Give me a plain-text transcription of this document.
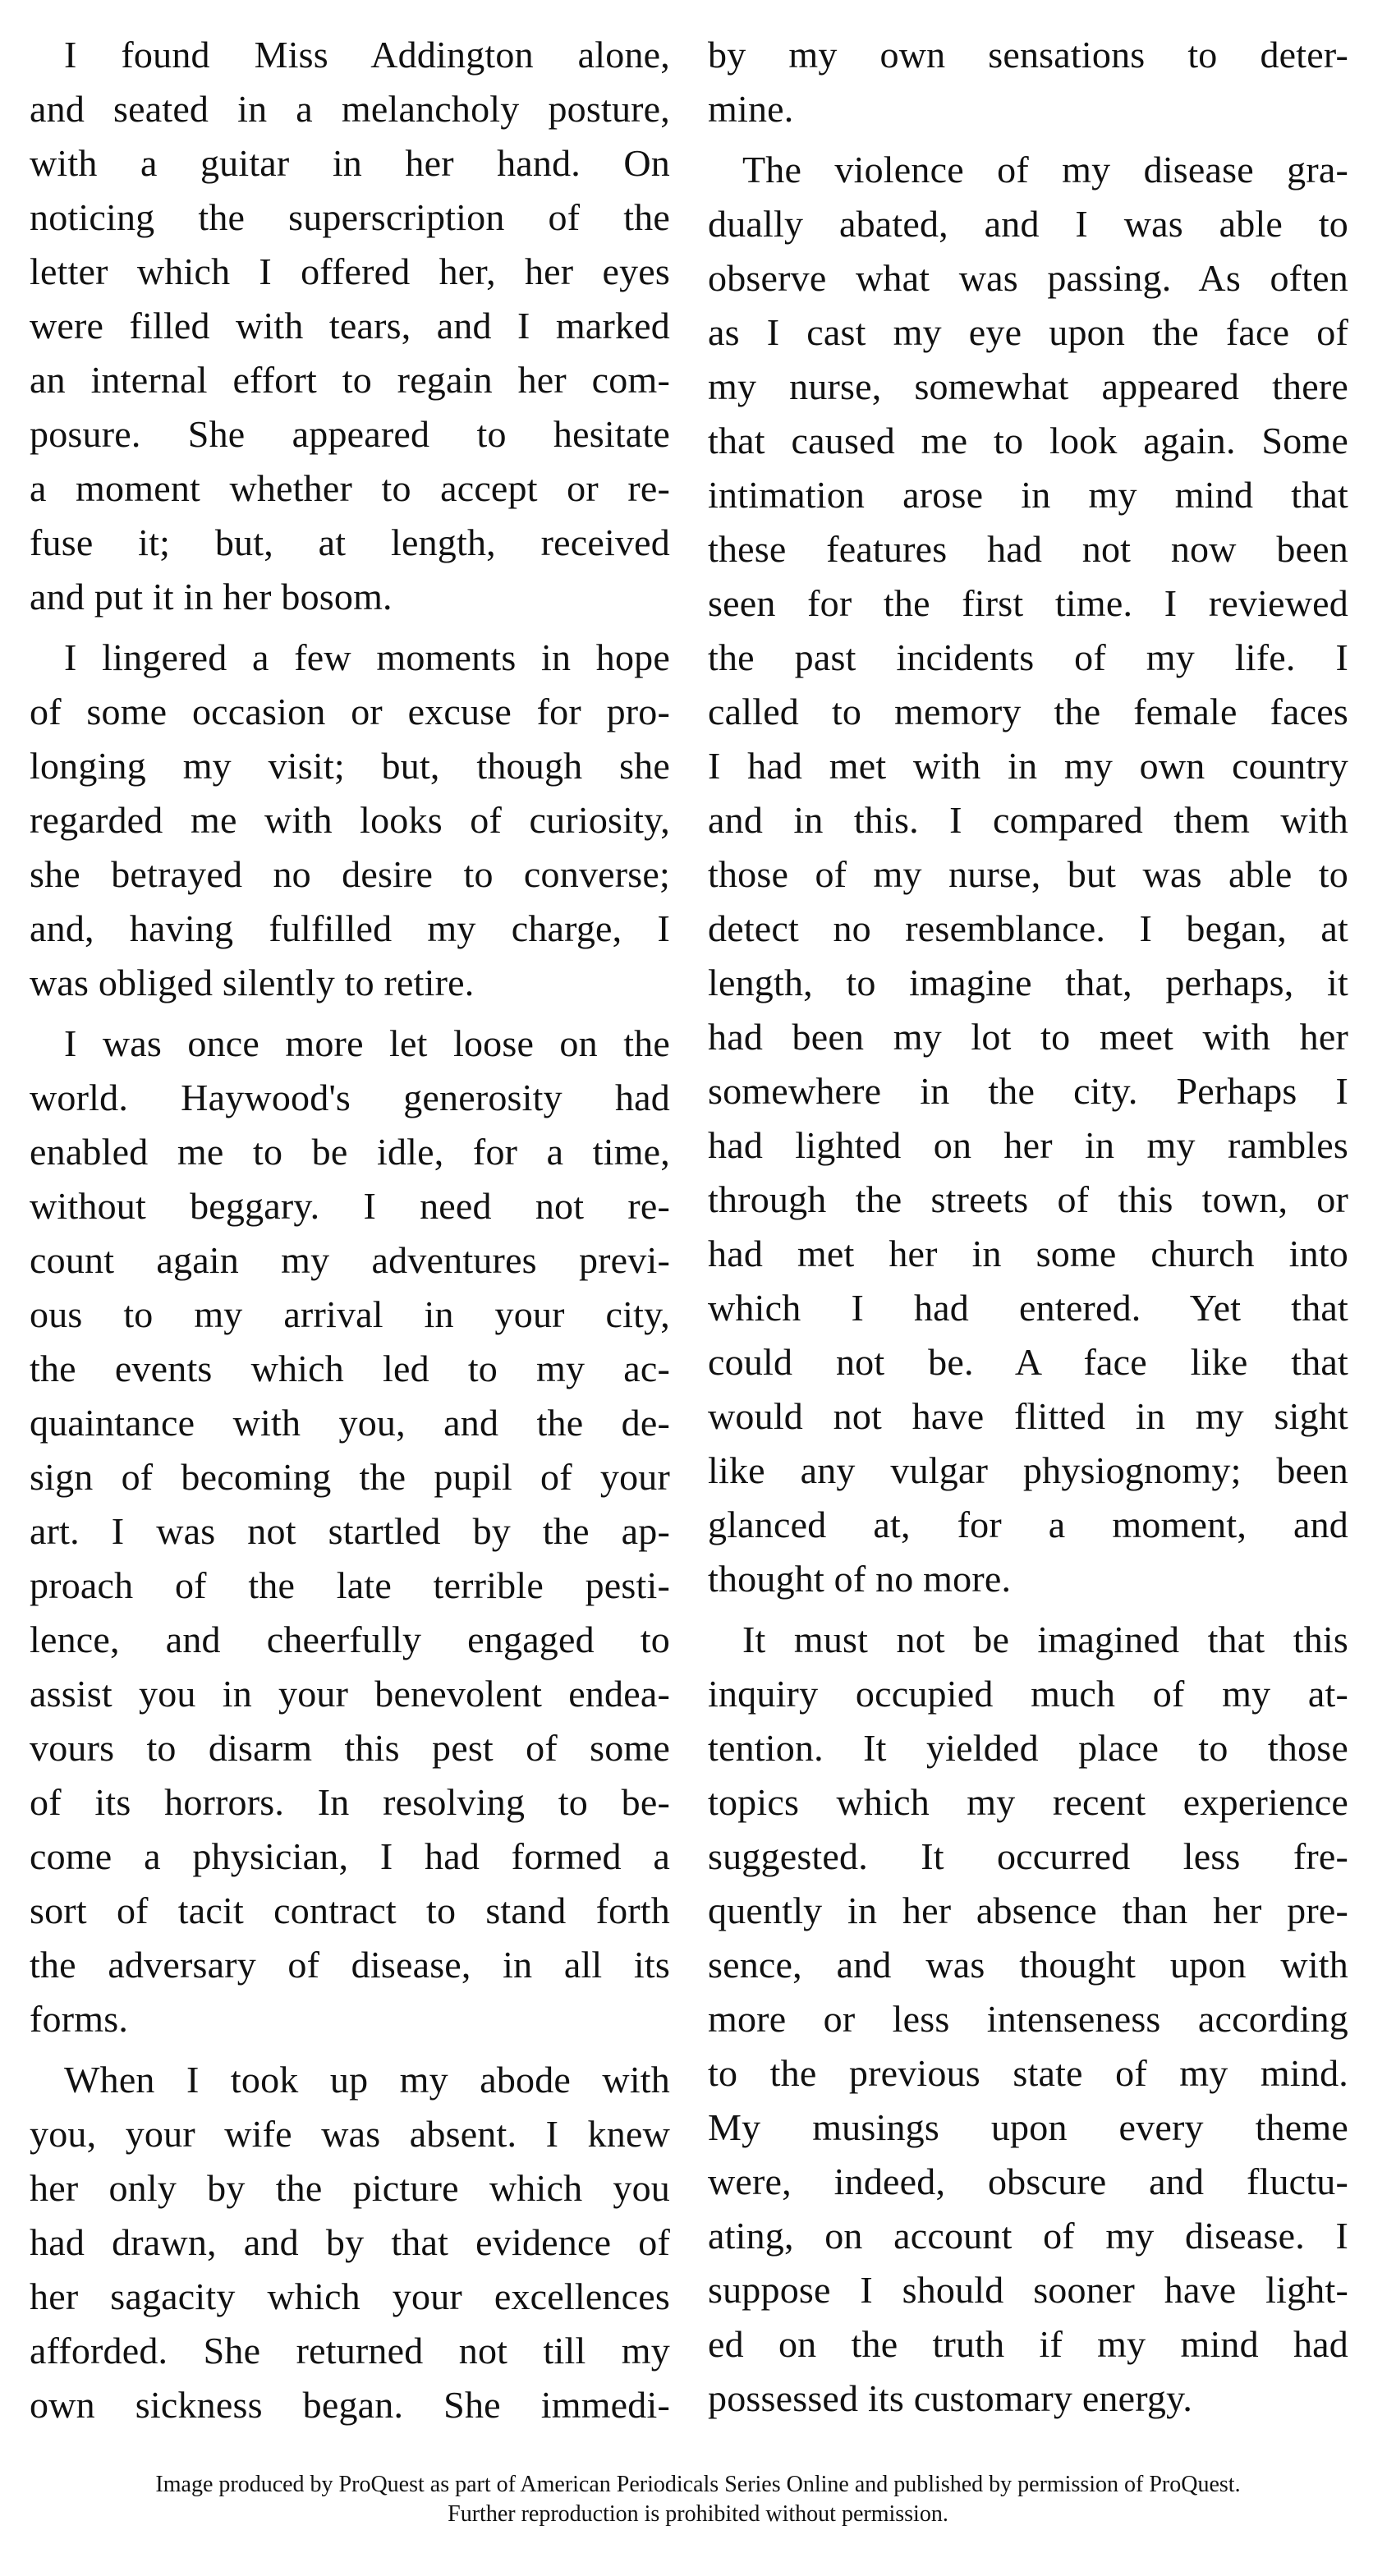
I found Miss Addington alone,
and seated in a melancholy posture,
with a guitar in her hand. On
noticing the superscription of the
letter which I offered her, her eyes
were filled with tears, and I marked
an internal effort to regain her com-
posure. She appeared to hesitate
a moment whether to accept or re-
fuse it; but, at length, received
and put it in her bosom.
I lingered a few moments in hope
of some occasion or excuse for pro-
longing my visit; but, though she
regarded me with looks of curiosity,
she betrayed no desire to converse;
and, having fulfilled my charge, I
was obliged silently to retire.
I was once more let loose on the
world. Haywood's generosity had
enabled me to be idle, for a time,
without beggary. I need not re-
count again my adventures previ-
ous to my arrival in your city,
the events which led to my ac-
quaintance with you, and the de-
sign of becoming the pupil of your
art. I was not startled by the ap-
proach of the late terrible pesti-
lence, and cheerfully engaged to
assist you in your benevolent endea-
vours to disarm this pest of some
of its horrors. In resolving to be-
come a physician, I had formed a
sort of tacit contract to stand forth
the adversary of disease, in all its
forms.
When I took up my abode with
you, your wife was absent. I knew
her only by the picture which you
had drawn, and by that evidence of
her sagacity which your excellences
afforded. She returned not till my
own sickness began. She immedi-
by my own sensations to deter-
mine.
The violence of my disease gra-
dually abated, and I was able to
observe what was passing. As often
as I cast my eye upon the face of
my nurse, somewhat appeared there
that caused me to look again. Some
intimation arose in my mind that
these features had not now been
seen for the first time. I reviewed
the past incidents of my life. I
called to memory the female faces
I had met with in my own country
and in this. I compared them with
those of my nurse, but was able to
detect no resemblance. I began, at
length, to imagine that, perhaps, it
had been my lot to meet with her
somewhere in the city. Perhaps I
had lighted on her in my rambles
through the streets of this town, or
had met her in some church into
which I had entered. Yet that
could not be. A face like that
would not have flitted in my sight
like any vulgar physiognomy; been
glanced at, for a moment, and
thought of no more.
It must not be imagined that this
inquiry occupied much of my at-
tention. It yielded place to those
topics which my recent experience
suggested. It occurred less fre-
quently in her absence than her pre-
sence, and was thought upon with
more or less intenseness according
to the previous state of my mind.
My musings upon every theme
were, indeed, obscure and fluctu-
ating, on account of my disease. I
suppose I should sooner have light-
ed on the truth if my mind had
possessed its customary energy.
Image produced by ProQuest as part of American Periodicals Series Online and published by permission of ProQuest.
Further reproduction is prohibited without permission.
